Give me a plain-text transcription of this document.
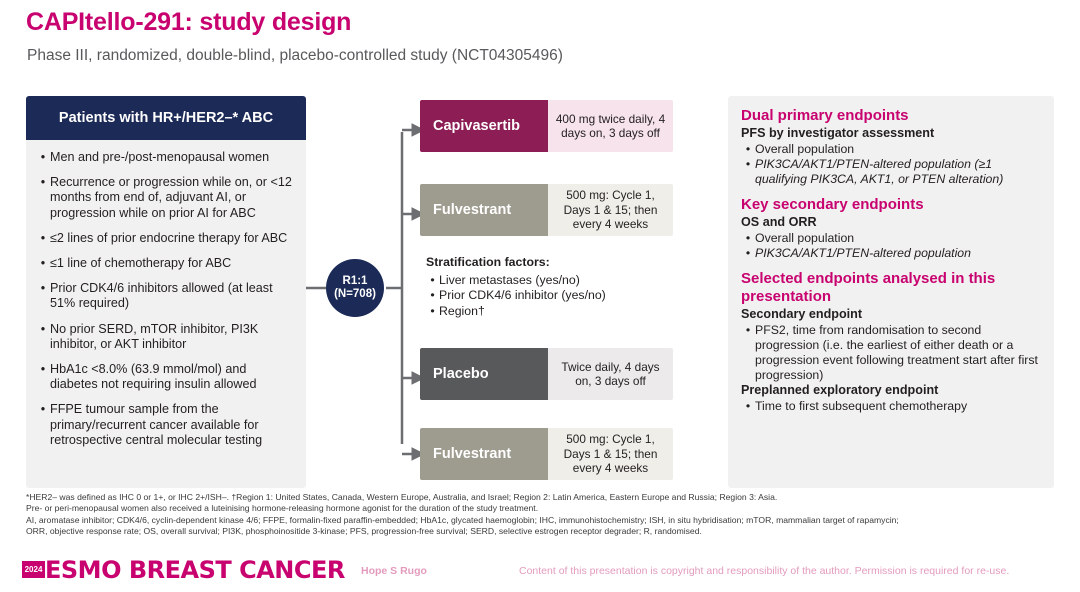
CAPItello-291: study design
Phase III, randomized, double-blind, placebo-controlled study (NCT04305496)
Patients with HR+/HER2–* ABC
• Men and pre-/post-menopausal women
• Recurrence or progression while on, or <12 months from end of, adjuvant AI, or progression while on prior AI for ABC
• ≤2 lines of prior endocrine therapy for ABC
• ≤1 line of chemotherapy for ABC
• Prior CDK4/6 inhibitors allowed (at least 51% required)
• No prior SERD, mTOR inhibitor, PI3K inhibitor, or AKT inhibitor
• HbA1c <8.0% (63.9 mmol/mol) and diabetes not requiring insulin allowed
• FFPE tumour sample from the primary/recurrent cancer available for retrospective central molecular testing
R1:1
(N=708)
Capivasertib	400 mg twice daily, 4 days on, 3 days off
Fulvestrant
500 mg: Cycle 1, Days 1 & 15; then every 4 weeks
Placebo	Twice daily, 4 days on, 3 days off
Fulvestrant
500 mg: Cycle 1, Days 1 & 15; then every 4 weeks
Stratification factors:
• Liver metastases (yes/no)
• Prior CDK4/6 inhibitor (yes/no)
• Region†
Dual primary endpoints
PFS by investigator assessment
• Overall population
• PIK3CA/AKT1/PTEN-altered population (≥1 qualifying PIK3CA, AKT1, or PTEN alteration)
Key secondary endpoints
OS and ORR
• Overall population
• PIK3CA/AKT1/PTEN-altered population
Selected endpoints analysed in this presentation
Secondary endpoint
• PFS2, time from randomisation to second progression (i.e. the earliest of either death or a progression event following treatment start after first progression)
Preplanned exploratory endpoint
• Time to first subsequent chemotherapy
*HER2– was defined as IHC 0 or 1+, or IHC 2+/ISH–. †Region 1: United States, Canada, Western Europe, Australia, and Israel; Region 2: Latin America, Eastern Europe and Russia; Region 3: Asia.
Pre- or peri-menopausal women also received a luteinising hormone-releasing hormone agonist for the duration of the study treatment.
AI, aromatase inhibitor; CDK4/6, cyclin-dependent kinase 4/6; FFPE, formalin-fixed paraffin-embedded; HbA1c, glycated haemoglobin; IHC, immunohistochemistry; ISH, in situ hybridisation; mTOR, mammalian target of rapamycin;
ORR, objective response rate; OS, overall survival; PI3K, phosphoinositide 3-kinase; PFS, progression-free survival; SERD, selective estrogen receptor degrader; R, randomised.
2024 ESMO BREAST CANCER Hope S Rugo	Content of this presentation is copyright and responsibility of the author. Permission is required for re-use.
